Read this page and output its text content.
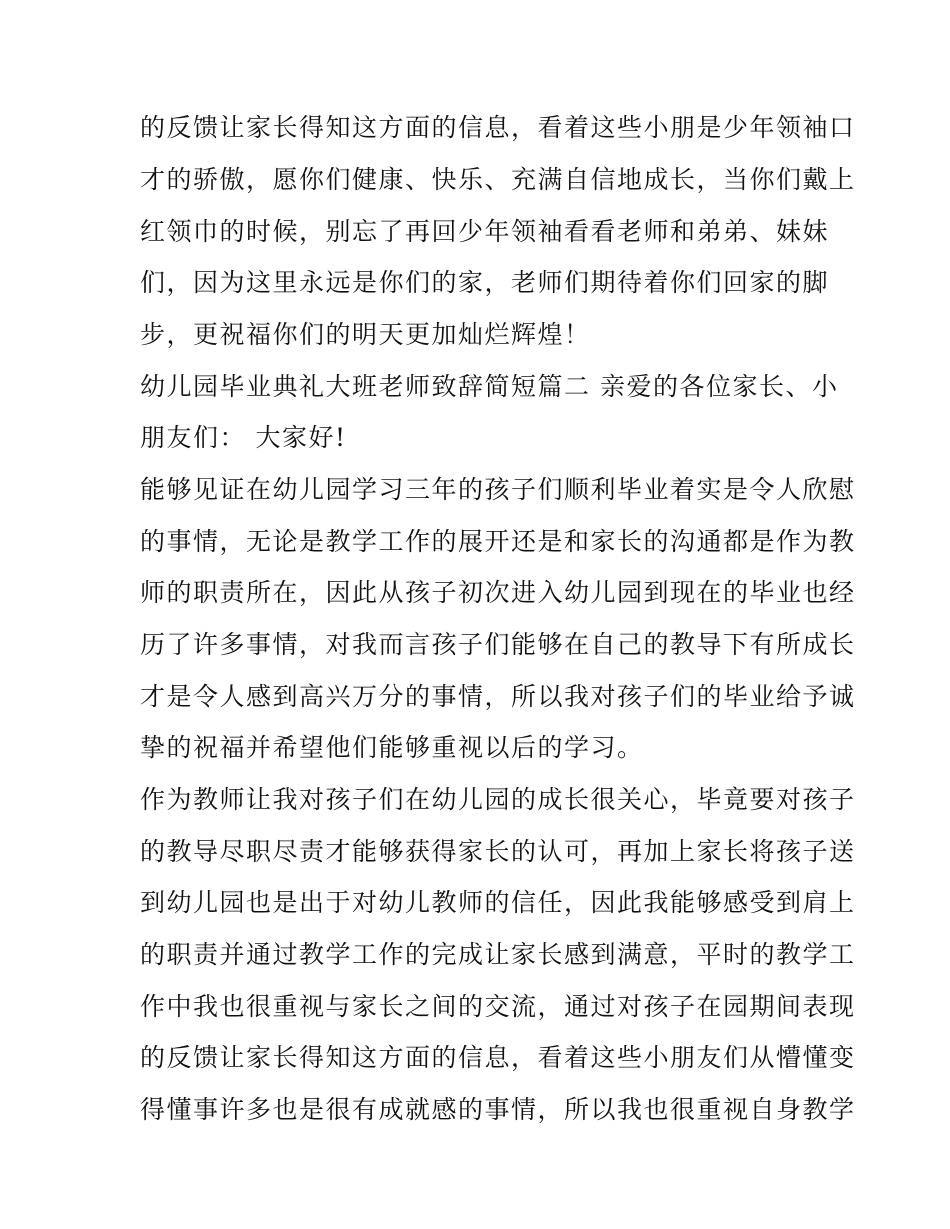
的反馈让家长得知这方面的信息，看着这些小朋是少年领袖口
才的骄傲，愿你们健康、快乐、充满自信地成长，当你们戴上
红领巾的时候，别忘了再回少年领袖看看老师和弟弟、妹妹
们，因为这里永远是你们的家，老师们期待着你们回家的脚
步，更祝福你们的明天更加灿烂辉煌！
幼儿园毕业典礼大班老师致辞简短篇二 亲爱的各位家长、小
朋友们： 大家好!
能够见证在幼儿园学习三年的孩子们顺利毕业着实是令人欣慰
的事情，无论是教学工作的展开还是和家长的沟通都是作为教
师的职责所在，因此从孩子初次进入幼儿园到现在的毕业也经
历了许多事情，对我而言孩子们能够在自己的教导下有所成长
才是令人感到高兴万分的事情，所以我对孩子们的毕业给予诚
挚的祝福并希望他们能够重视以后的学习。
作为教师让我对孩子们在幼儿园的成长很关心，毕竟要对孩子
的教导尽职尽责才能够获得家长的认可，再加上家长将孩子送
到幼儿园也是出于对幼儿教师的信任，因此我能够感受到肩上
的职责并通过教学工作的完成让家长感到满意，平时的教学工
作中我也很重视与家长之间的交流，通过对孩子在园期间表现
的反馈让家长得知这方面的信息，看着这些小朋友们从懵懂变
得懂事许多也是很有成就感的事情，所以我也很重视自身教学
